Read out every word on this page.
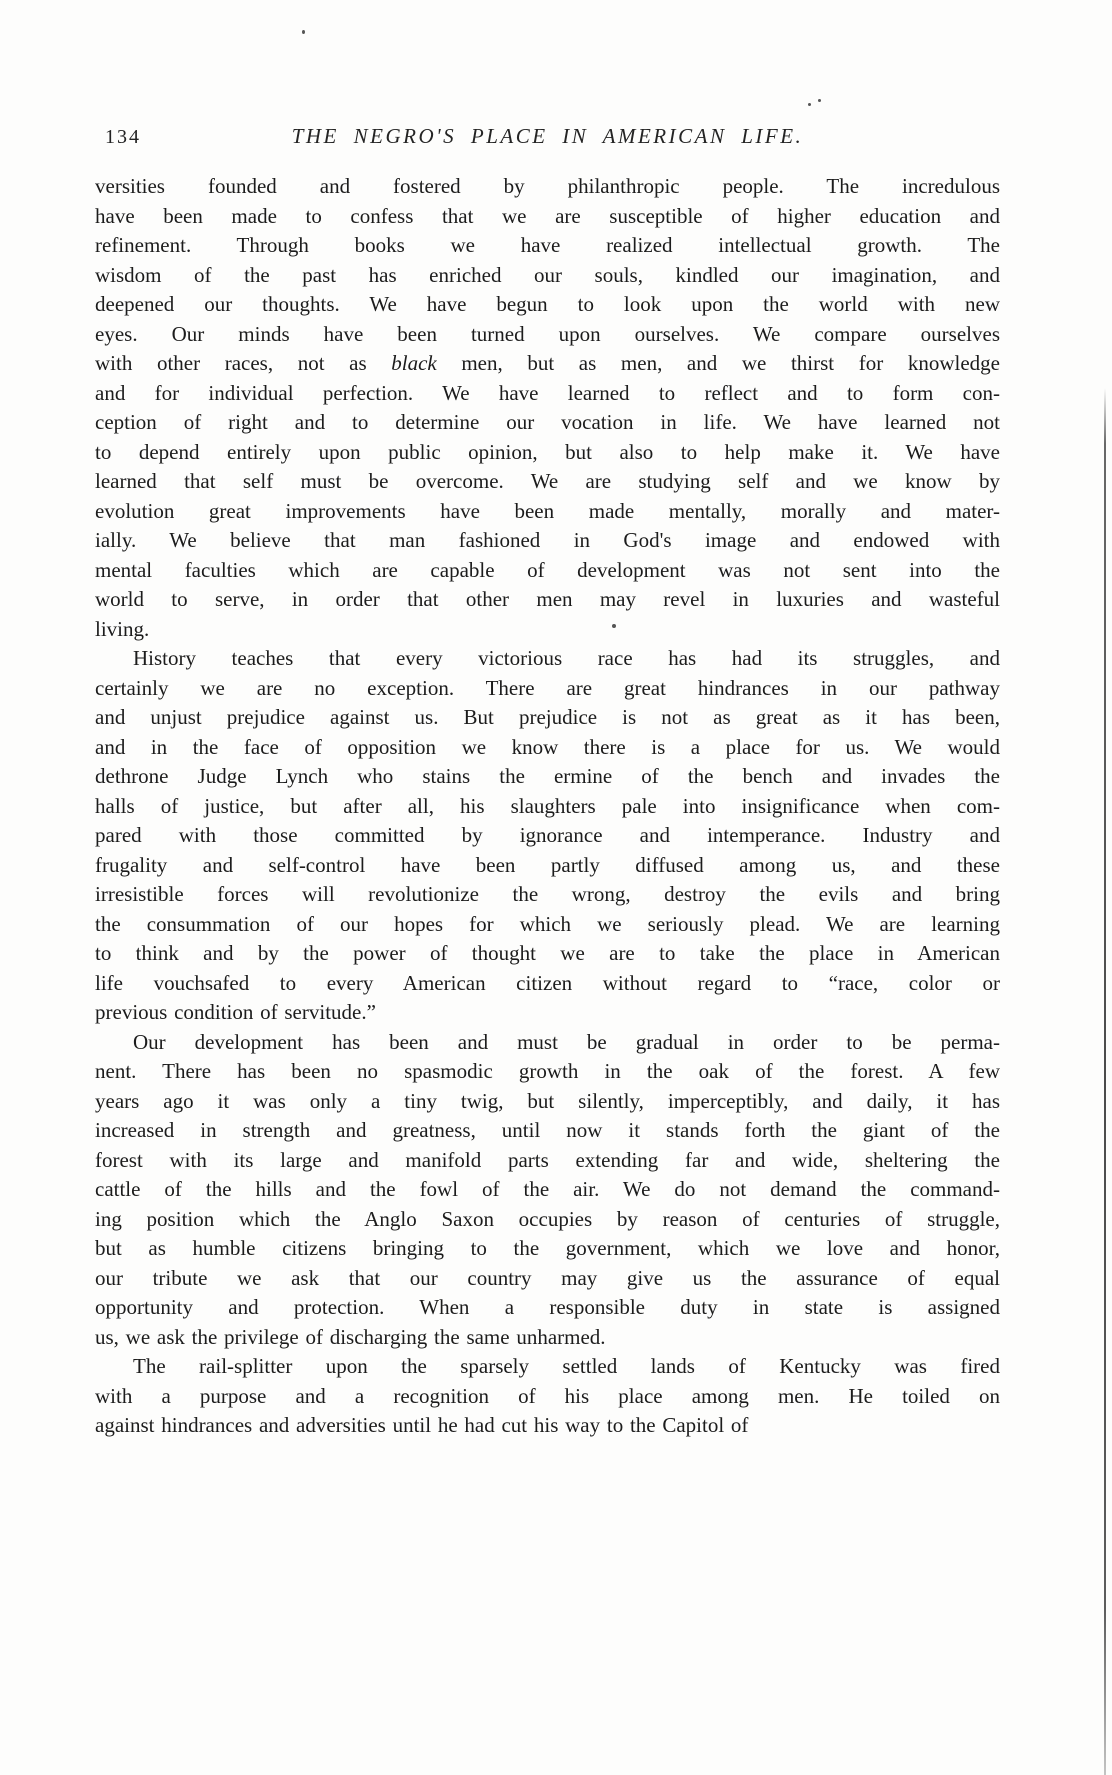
134	THE NEGRO'S PLACE IN AMERICAN LIFE.
versities founded and fostered by philanthropic people. The incredulous
have been made to confess that we are susceptible of higher education and
refinement. Through books we have realized intellectual growth. The
wisdom of the past has enriched our souls, kindled our imagination, and
deepened our thoughts. We have begun to look upon the world with new
eyes. Our minds have been turned upon ourselves. We compare ourselves
with other races, not as black men, but as men, and we thirst for knowledge
and for individual perfection. We have learned to reflect and to form con-
ception of right and to determine our vocation in life. We have learned not
to depend entirely upon public opinion, but also to help make it. We have
learned that self must be overcome. We are studying self and we know by
evolution great improvements have been made mentally, morally and mater-
ially. We believe that man fashioned in God's image and endowed with
mental faculties which are capable of development was not sent into the
world to serve, in order that other men may revel in luxuries and wasteful
living.
History teaches that every victorious race has had its struggles, and
certainly we are no exception. There are great hindrances in our pathway
and unjust prejudice against us. But prejudice is not as great as it has been,
and in the face of opposition we know there is a place for us. We would
dethrone Judge Lynch who stains the ermine of the bench and invades the
halls of justice, but after all, his slaughters pale into insignificance when com-
pared with those committed by ignorance and intemperance. Industry and
frugality and self-control have been partly diffused among us, and these
irresistible forces will revolutionize the wrong, destroy the evils and bring
the consummation of our hopes for which we seriously plead. We are learning
to think and by the power of thought we are to take the place in American
life vouchsafed to every American citizen without regard to “race, color or
previous condition of servitude.”
Our development has been and must be gradual in order to be perma-
nent. There has been no spasmodic growth in the oak of the forest. A few
years ago it was only a tiny twig, but silently, imperceptibly, and daily, it has
increased in strength and greatness, until now it stands forth the giant of the
forest with its large and manifold parts extending far and wide, sheltering the
cattle of the hills and the fowl of the air. We do not demand the command-
ing position which the Anglo Saxon occupies by reason of centuries of struggle,
but as humble citizens bringing to the government, which we love and honor,
our tribute we ask that our country may give us the assurance of equal
opportunity and protection. When a responsible duty in state is assigned
us, we ask the privilege of discharging the same unharmed.
The rail-splitter upon the sparsely settled lands of Kentucky was fired
with a purpose and a recognition of his place among men. He toiled on
against hindrances and adversities until he had cut his way to the Capitol of
